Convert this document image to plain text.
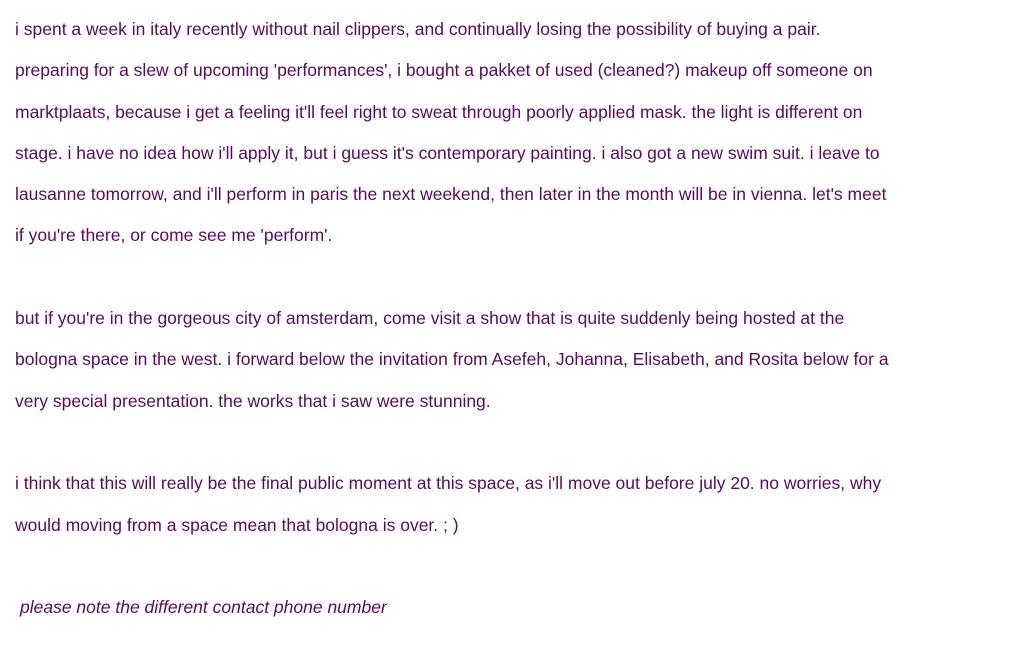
i spent a week in italy recently without nail clippers, and continually losing the possibility of buying a pair.
preparing for a slew of upcoming 'performances', i bought a pakket of used (cleaned?) makeup off someone on
marktplaats, because i get a feeling it'll feel right to sweat through poorly applied mask. the light is different on
stage. i have no idea how i'll apply it, but i guess it's contemporary painting. i also got a new swim suit. i leave to
lausanne tomorrow, and i'll perform in paris the next weekend, then later in the month will be in vienna. let's meet
if you're there, or come see me 'perform'.
but if you're in the gorgeous city of amsterdam, come visit a show that is quite suddenly being hosted at the
bologna space in the west. i forward below the invitation from Asefeh, Johanna, Elisabeth, and Rosita below for a
very special presentation. the works that i saw were stunning.
i think that this will really be the final public moment at this space, as i'll move out before july 20. no worries, why
would moving from a space mean that bologna is over. ; )
please note the different contact phone number
